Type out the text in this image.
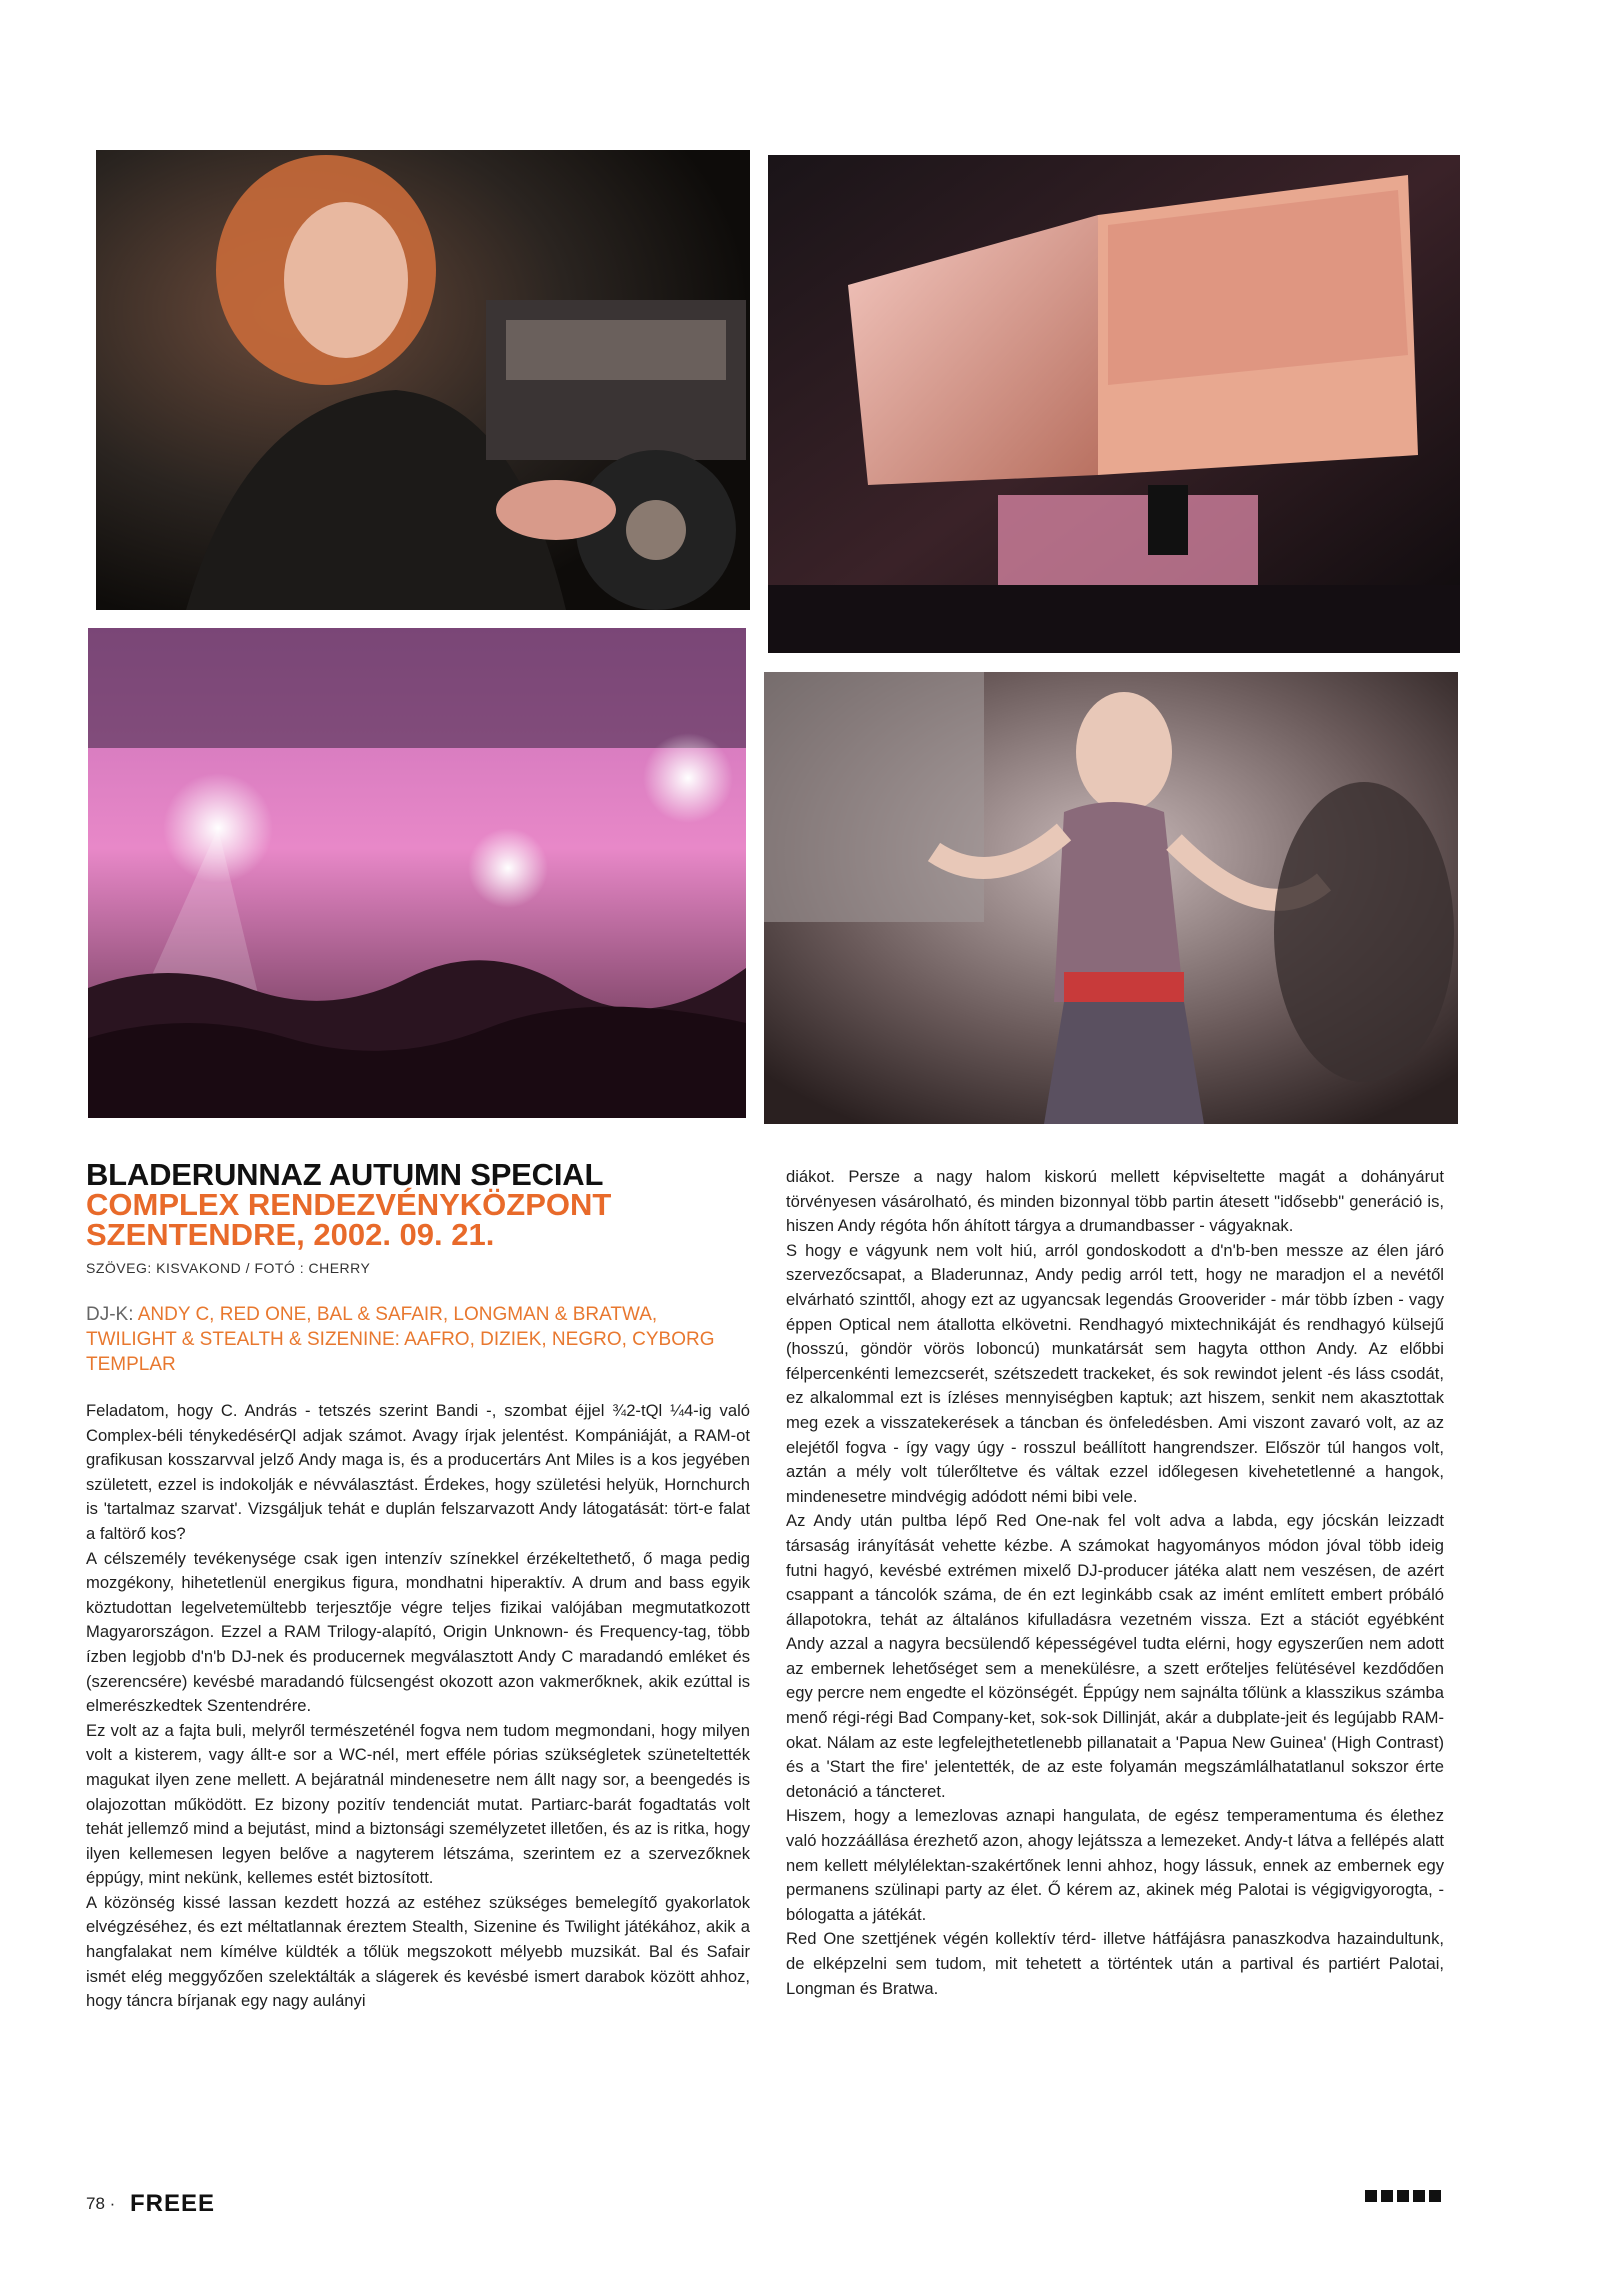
BLADERUNNAZ AUTUMN SPECIAL
COMPLEX RENDEZVÉNYKÖZPONT
SZENTENDRE, 2002. 09. 21.
SZÖVEG: KISVAKOND / FOTÓ : CHERRY
DJ-K: ANDY C, RED ONE, BAL & SAFAIR, LONGMAN & BRATWA, TWILIGHT & STEALTH & SIZENINE: AAFRO, DIZIEK, NEGRO, CYBORG TEMPLAR

Feladatom, hogy C. András - tetszés szerint Bandi -, szombat éjjel ¾2-tQl ¼4-ig való Complex-béli ténykedésérQl adjak számot. Avagy írjak jelentést. Kompániáját, a RAM-ot grafikusan kosszarvval jelző Andy maga is, és a producertárs Ant Miles is a kos jegyében született, ezzel is indokolják e névválasztást. Érdekes, hogy születési helyük, Hornchurch is 'tartalmaz szarvat'. Vizsgáljuk tehát e duplán felszarvazott Andy látogatását: tört-e falat a faltörő kos?

A célszemély tevékenysége csak igen intenzív színekkel érzékeltethető, ő maga pedig mozgékony, hihetetlenül energikus figura, mondhatni hiperaktív. A drum and bass egyik köztudottan legelvetemültebb terjesztője végre teljes fizikai valójában megmutatkozott Magyarországon. Ezzel a RAM Trilogy-alapító, Origin Unknown- és Frequency-tag, több ízben legjobb d'n'b DJ-nek és producernek megválasztott Andy C maradandó emléket és (szerencsére) kevésbé maradandó fülcsengést okozott azon vakmerőknek, akik ezúttal is elmerészkedtek Szentendrére.

Ez volt az a fajta buli, melyről természeténél fogva nem tudom megmondani, hogy milyen volt a kisterem, vagy állt-e sor a WC-nél, mert efféle pórias szükségletek szüneteltették magukat ilyen zene mellett. A bejáratnál mindenesetre nem állt nagy sor, a beengedés is olajozottan működött. Ez bizony pozitív tendenciát mutat. Partiarc-barát fogadtatás volt tehát jellemző mind a bejutást, mind a biztonsági személyzetet illetően, és az is ritka, hogy ilyen kellemesen legyen belőve a nagyterem létszáma, szerintem ez a szervezőknek éppúgy, mint nekünk, kellemes estét biztosított.

A közönség kissé lassan kezdett hozzá az estéhez szükséges bemelegítő gyakorlatok elvégzéséhez, és ezt méltatlannak éreztem Stealth, Sizenine és Twilight játékához, akik a hangfalakat nem kímélve küldték a tőlük megszokott mélyebb muzsikát. Bal és Safair ismét elég meggyőzően szelektálták a slágerek és kevésbé ismert darabok között ahhoz, hogy táncra bírjanak egy nagy aulányi

diákot. Persze a nagy halom kiskorú mellett képviseltette magát a dohányárut törvényesen vásárolható, és minden bizonnyal több partin átesett "idősebb" generáció is, hiszen Andy régóta hőn áhított tárgya a drumandbasser - vágyaknak.

S hogy e vágyunk nem volt hiú, arról gondoskodott a d'n'b-ben messze az élen járó szervezőcsapat, a Bladerunnaz, Andy pedig arról tett, hogy ne maradjon el a nevétől elvárható szinttől, ahogy ezt az ugyancsak legendás Grooverider - már több ízben - vagy éppen Optical nem átallotta elkövetni. Rendhagyó mixtechnikáját és rendhagyó külsejű (hosszú, göndör vörös loboncú) munkatársát sem hagyta otthon Andy. Az előbbi félpercenkénti lemezcserét, szétszedett trackeket, és sok rewindot jelent -és láss csodát, ez alkalommal ezt is ízléses mennyiségben kaptuk; azt hiszem, senkit nem akasztottak meg ezek a visszatekerések a táncban és önfeledésben. Ami viszont zavaró volt, az az elejétől fogva - így vagy úgy - rosszul beállított hangrendszer. Először túl hangos volt, aztán a mély volt túlerőltetve és váltak ezzel időlegesen kivehetetlenné a hangok, mindenesetre mindvégig adódott némi bibi vele.

Az Andy után pultba lépő Red One-nak fel volt adva a labda, egy jócskán leizzadt társaság irányítását vehette kézbe. A számokat hagyományos módon jóval több ideig futni hagyó, kevésbé extrémen mixelő DJ-producer játéka alatt nem veszésen, de azért csappant a táncolók száma, de én ezt leginkább csak az imént említett embert próbáló állapotokra, tehát az általános kifulladásra vezetném vissza. Ezt a stációt egyébként Andy azzal a nagyra becsülendő képességével tudta elérni, hogy egyszerűen nem adott az embernek lehetőséget sem a menekülésre, a szett erőteljes felütésével kezdődően egy percre nem engedte el közönségét. Éppúgy nem sajnálta tőlünk a klasszikus számba menő régi-régi Bad Company-ket, sok-sok Dillinját, akár a dubplate-jeit és legújabb RAM-okat. Nálam az este legfelejthetetlenebb pillanatait a 'Papua New Guinea' (High Contrast) és a 'Start the fire' jelentették, de az este folyamán megszámlálhatatlanul sokszor érte detonáció a táncteret.

Hiszem, hogy a lemezlovas aznapi hangulata, de egész temperamentuma és élethez való hozzáállása érezhető azon, ahogy lejátssza a lemezeket. Andy-t látva a fellépés alatt nem kellett mélylélektan-szakértőnek lenni ahhoz, hogy lássuk, ennek az embernek egy permanens szülinapi party az élet. Ő kérem az, akinek még Palotai is végigvigyorogta, -bólogatta a játékát.

Red One szettjének végén kollektív térd- illetve hátfájásra panaszkodva hazaindultunk, de elképzelni sem tudom, mit tehetett a történtek után a partival és partiért Palotai, Longman és Bratwa.

78 · FREEE
